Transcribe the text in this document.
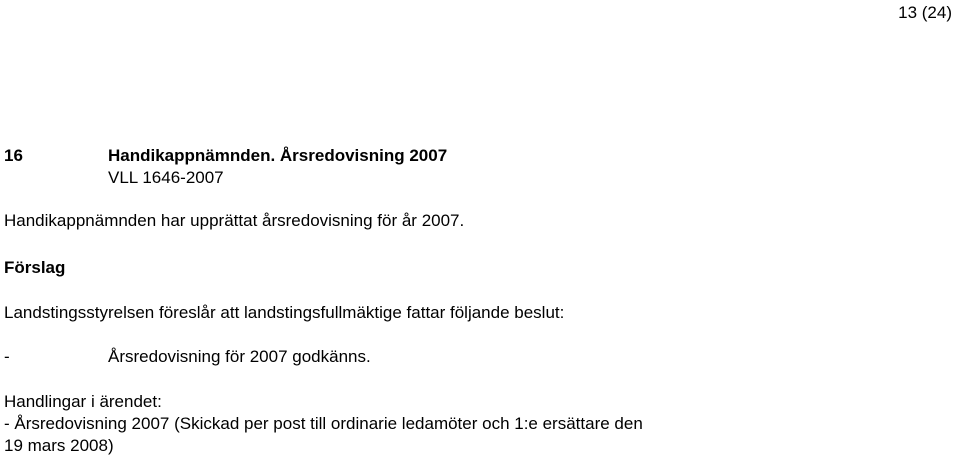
13 (24)
16	Handikappnämnden. Årsredovisning 2007
VLL 1646-2007
Handikappnämnden har upprättat årsredovisning för år 2007.
Förslag
Landstingsstyrelsen föreslår att landstingsfullmäktige fattar följande beslut:
-	Årsredovisning för 2007 godkänns.
Handlingar i ärendet:
- Årsredovisning 2007 (Skickad per post till ordinarie ledamöter och 1:e ersättare den
19 mars 2008)
